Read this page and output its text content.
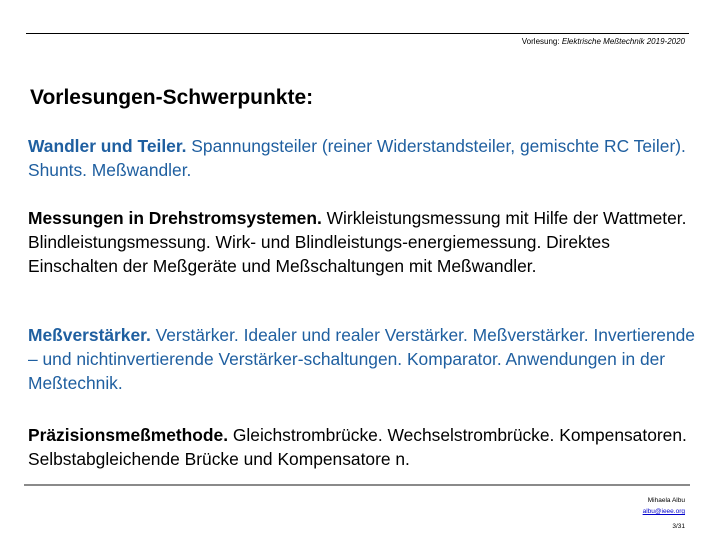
Vorlesung: Elektrische Meßtechnik 2019-2020
Vorlesungen-Schwerpunkte:
Wandler und Teiler. Spannungsteiler (reiner Widerstandsteiler, gemischte RC Teiler). Shunts. Meßwandler.
Messungen in Drehstromsystemen. Wirkleistungsmessung mit Hilfe der Wattmeter. Blindleistungsmessung. Wirk- und Blindleistungs-energiemessung. Direktes Einschalten der Meßgeräte und Meßschaltungen mit Meßwandler.
Meßverstärker. Verstärker. Idealer und realer Verstärker. Meßverstärker. Invertierende – und nichtinvertierende Verstärker-schaltungen. Komparator. Anwendungen in der Meßtechnik.
Präzisionsmeßmethode. Gleichstrombrücke. Wechselstrombrücke. Kompensatoren. Selbstabgleichende Brücke und Kompensatore n.
Mihaela Albu
albu@ieee.org
3/31
